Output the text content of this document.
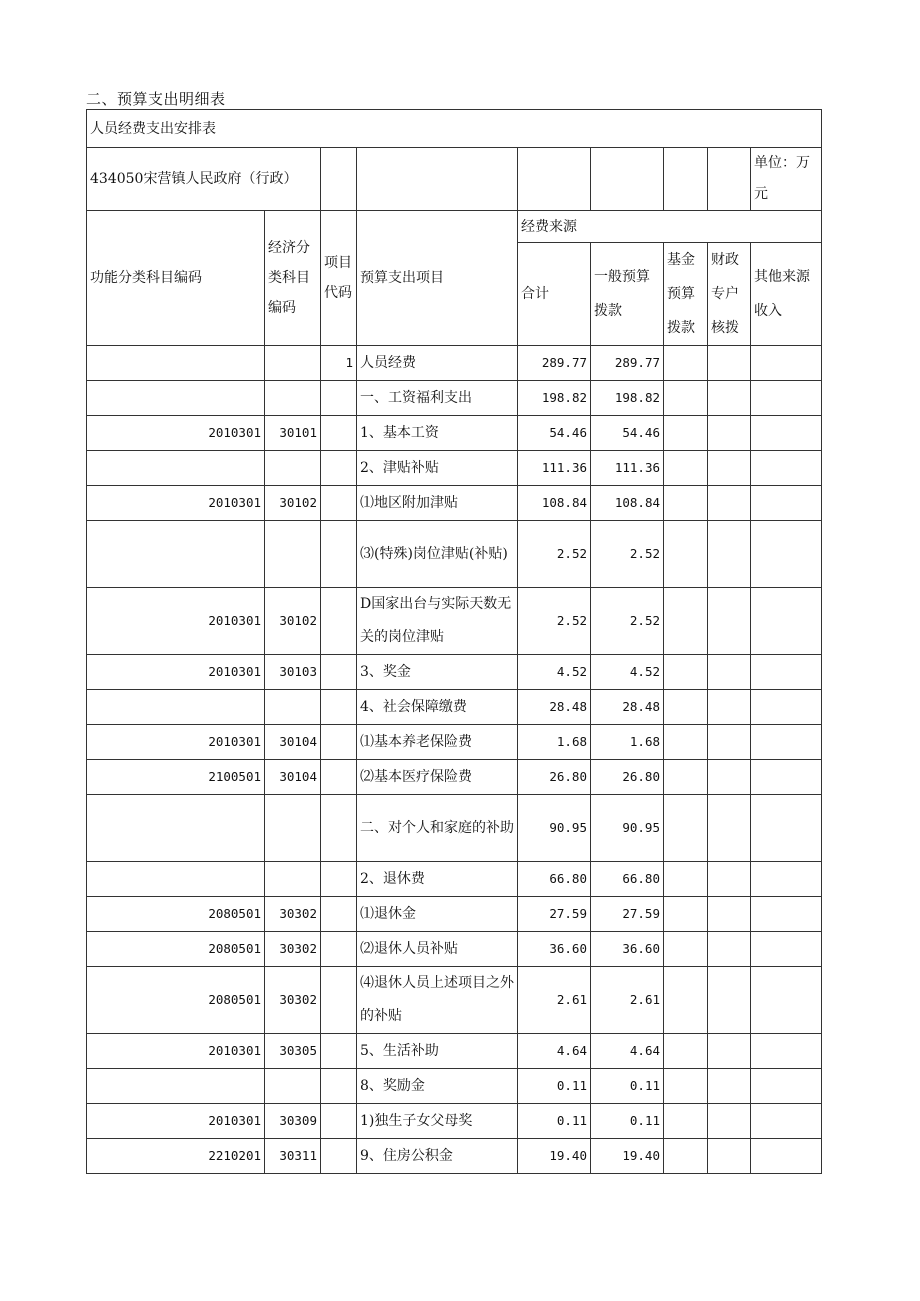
二、预算支出明细表
人员经费支出安排表								
434050宋营镇人民政府（行政）								单位：万元
功能分类科目编码	经济分类科目编码	项目代码	预算支出项目	经费来源				
				合计	一般预算拨款	基金预算拨款	财政专户核拨	其他来源收入
		1	人员经费	289.77	289.77			
			一、工资福利支出	198.82	198.82			
2010301	30101		1、基本工资	54.46	54.46			
			2、津贴补贴	111.36	111.36			
2010301	30102		⑴地区附加津贴	108.84	108.84			
			⑶(特殊)岗位津贴(补贴)	2.52	2.52			
2010301	30102		D国家出台与实际天数无关的岗位津贴	2.52	2.52			
2010301	30103		3、奖金	4.52	4.52			
			4、社会保障缴费	28.48	28.48			
2010301	30104		⑴基本养老保险费	1.68	1.68			
2100501	30104		⑵基本医疗保险费	26.80	26.80			
			二、对个人和家庭的补助	90.95	90.95			
			2、退休费	66.80	66.80			
2080501	30302		⑴退休金	27.59	27.59			
2080501	30302		⑵退休人员补贴	36.60	36.60			
2080501	30302		⑷退休人员上述项目之外的补贴	2.61	2.61			
2010301	30305		5、生活补助	4.64	4.64			
			8、奖励金	0.11	0.11			
2010301	30309		1)独生子女父母奖	0.11	0.11			
2210201	30311		9、住房公积金	19.40	19.40			
